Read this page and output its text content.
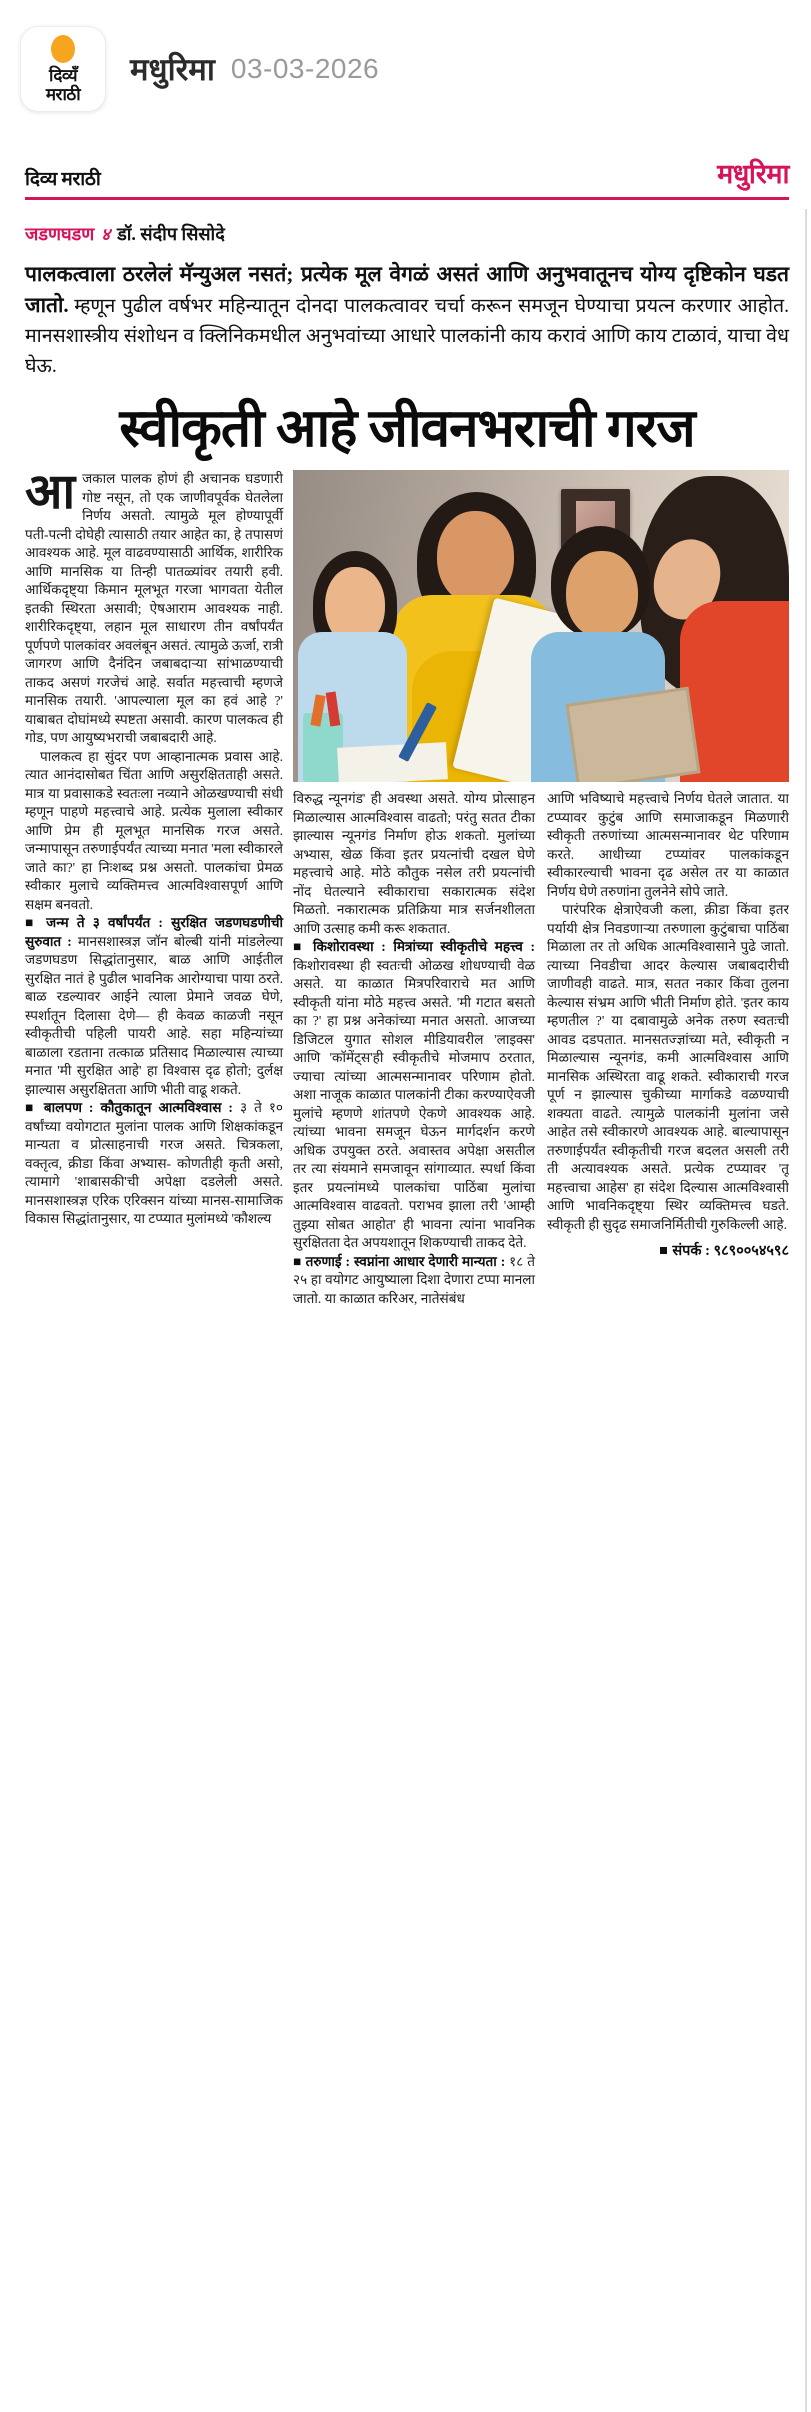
दिव्यँ
मराठी
मधुरिमा 03-03-2026
दिव्य मराठी	मधुरिमा
जडणघडण ४ डॉ. संदीप सिसोदे

पालकत्वाला ठरलेलं मॅन्युअल नसतं; प्रत्येक मूल वेगळं असतं आणि अनुभवातूनच योग्य दृष्टिकोन घडत जातो. म्हणून पुढील वर्षभर महिन्यातून दोनदा पालकत्वावर चर्चा करून समजून घेण्याचा प्रयत्न करणार आहोत. मानसशास्त्रीय संशोधन व क्लिनिकमधील अनुभवांच्या आधारे पालकांनी काय करावं आणि काय टाळावं, याचा वेध घेऊ.

स्वीकृती आहे जीवनभराची गरज

आजकाल पालक होणं ही अचानक घडणारी गोष्ट नसून, तो एक जाणीवपूर्वक घेतलेला निर्णय असतो. त्यामुळे मूल होण्यापूर्वी पती-पत्नी दोघेही त्यासाठी तयार आहेत का, हे तपासणं आवश्यक आहे. मूल वाढवण्यासाठी आर्थिक, शारीरिक आणि मानसिक या तिन्ही पातळ्यांवर तयारी हवी. आर्थिकदृष्ट्या किमान मूलभूत गरजा भागवता येतील इतकी स्थिरता असावी; ऐषआराम आवश्यक नाही. शारीरिकदृष्ट्या, लहान मूल साधारण तीन वर्षांपर्यंत पूर्णपणे पालकांवर अवलंबून असतं. त्यामुळे ऊर्जा, रात्री जागरण आणि दैनंदिन जबाबदाऱ्या सांभाळण्याची ताकद असणं गरजेचं आहे. सर्वात महत्त्वाची म्हणजे मानसिक तयारी. 'आपल्याला मूल का हवं आहे ?' याबाबत दोघांमध्ये स्पष्टता असावी. कारण पालकत्व ही गोड, पण आयुष्यभराची जबाबदारी आहे.

पालकत्व हा सुंदर पण आव्हानात्मक प्रवास आहे. त्यात आनंदासोबत चिंता आणि असुरक्षितताही असते. मात्र या प्रवासाकडे स्वतःला नव्याने ओळखण्याची संधी म्हणून पाहणे महत्त्वाचे आहे. प्रत्येक मुलाला स्वीकार आणि प्रेम ही मूलभूत मानसिक गरज असते. जन्मापासून तरुणाईपर्यंत त्याच्या मनात 'मला स्वीकारले जाते का?' हा निःशब्द प्रश्न असतो. पालकांचा प्रेमळ स्वीकार मुलाचे व्यक्तिमत्त्व आत्मविश्वासपूर्ण आणि सक्षम बनवतो.

■ जन्म ते ३ वर्षांपर्यंत : सुरक्षित जडणघडणीची सुरुवात : मानसशास्त्रज्ञ जॉन बोल्बी यांनी मांडलेल्या जडणघडण सिद्धांतानुसार, बाळ आणि आईतील सुरक्षित नातं हे पुढील भावनिक आरोग्याचा पाया ठरते. बाळ रडल्यावर आईने त्याला प्रेमाने जवळ घेणे, स्पर्शातून दिलासा देणे— ही केवळ काळजी नसून स्वीकृतीची पहिली पायरी आहे. सहा महिन्यांच्या बाळाला रडताना तत्काळ प्रतिसाद मिळाल्यास त्याच्या मनात 'मी सुरक्षित आहे' हा विश्वास दृढ होतो; दुर्लक्ष झाल्यास असुरक्षितता आणि भीती वाढू शकते.

■ बालपण : कौतुकातून आत्मविश्वास : ३ ते १० वर्षांच्या वयोगटात मुलांना पालक आणि शिक्षकांकडून मान्यता व प्रोत्साहनाची गरज असते. चित्रकला, वक्तृत्व, क्रीडा किंवा अभ्यास- कोणतीही कृती असो, त्यामागे 'शाबासकी'ची अपेक्षा दडलेली असते. मानसशास्त्रज्ञ एरिक एरिक्सन यांच्या मानस-सामाजिक विकास सिद्धांतानुसार, या टप्प्यात मुलांमध्ये 'कौशल्य

विरुद्ध न्यूनगंड' ही अवस्था असते. योग्य प्रोत्साहन मिळाल्यास आत्मविश्वास वाढतो; परंतु सतत टीका झाल्यास न्यूनगंड निर्माण होऊ शकतो. मुलांच्या अभ्यास, खेळ किंवा इतर प्रयत्नांची दखल घेणे महत्त्वाचे आहे. मोठे कौतुक नसेल तरी प्रयत्नांची नोंद घेतल्याने स्वीकाराचा सकारात्मक संदेश मिळतो. नकारात्मक प्रतिक्रिया मात्र सर्जनशीलता आणि उत्साह कमी करू शकतात.

■ किशोरावस्था : मित्रांच्या स्वीकृतीचे महत्त्व : किशोरावस्था ही स्वतःची ओळख शोधण्याची वेळ असते. या काळात मित्रपरिवाराचे मत आणि स्वीकृती यांना मोठे महत्त्व असते. 'मी गटात बसतो का ?' हा प्रश्न अनेकांच्या मनात असतो. आजच्या डिजिटल युगात सोशल मीडियावरील 'लाइक्स' आणि 'कॉमेंट्स'ही स्वीकृतीचे मोजमाप ठरतात, ज्याचा त्यांच्या आत्मसन्मानावर परिणाम होतो. अशा नाजूक काळात पालकांनी टीका करण्याऐवजी मुलांचे म्हणणे शांतपणे ऐकणे आवश्यक आहे. त्यांच्या भावना समजून घेऊन मार्गदर्शन करणे अधिक उपयुक्त ठरते. अवास्तव अपेक्षा असतील तर त्या संयमाने समजावून सांगाव्यात. स्पर्धा किंवा इतर प्रयत्नांमध्ये पालकांचा पाठिंबा मुलांचा आत्मविश्वास वाढवतो. पराभव झाला तरी 'आम्ही तुझ्या सोबत आहोत' ही भावना त्यांना भावनिक सुरक्षितता देत अपयशातून शिकण्याची ताकद देते.

■ तरुणाई : स्वप्नांना आधार देणारी मान्यता : १८ ते २५ हा वयोगट आयुष्याला दिशा देणारा टप्पा मानला जातो. या काळात करिअर, नातेसंबंध

आणि भविष्याचे महत्त्वाचे निर्णय घेतले जातात. या टप्प्यावर कुटुंब आणि समाजाकडून मिळणारी स्वीकृती तरुणांच्या आत्मसन्मानावर थेट परिणाम करते. आधीच्या टप्प्यांवर पालकांकडून स्वीकारल्याची भावना दृढ असेल तर या काळात निर्णय घेणे तरुणांना तुलनेने सोपे जाते.

पारंपरिक क्षेत्राऐवजी कला, क्रीडा किंवा इतर पर्यायी क्षेत्र निवडणाऱ्या तरुणाला कुटुंबाचा पाठिंबा मिळाला तर तो अधिक आत्मविश्वासाने पुढे जातो. त्याच्या निवडीचा आदर केल्यास जबाबदारीची जाणीवही वाढते. मात्र, सतत नकार किंवा तुलना केल्यास संभ्रम आणि भीती निर्माण होते. 'इतर काय म्हणतील ?' या दबावामुळे अनेक तरुण स्वतःची आवड दडपतात. मानसतज्ज्ञांच्या मते, स्वीकृती न मिळाल्यास न्यूनगंड, कमी आत्मविश्वास आणि मानसिक अस्थिरता वाढू शकते. स्वीकाराची गरज पूर्ण न झाल्यास चुकीच्या मार्गाकडे वळण्याची शक्यता वाढते. त्यामुळे पालकांनी मुलांना जसे आहेत तसे स्वीकारणे आवश्यक आहे. बाल्यापासून तरुणाईपर्यंत स्वीकृतीची गरज बदलत असली तरी ती अत्यावश्यक असते. प्रत्येक टप्प्यावर 'तू महत्त्वाचा आहेस' हा संदेश दिल्यास आत्मविश्वासी आणि भावनिकदृष्ट्या स्थिर व्यक्तिमत्त्व घडते. स्वीकृती ही सुदृढ समाजनिर्मितीची गुरुकिल्ली आहे.

संपर्क : ९८९००५४५९८
